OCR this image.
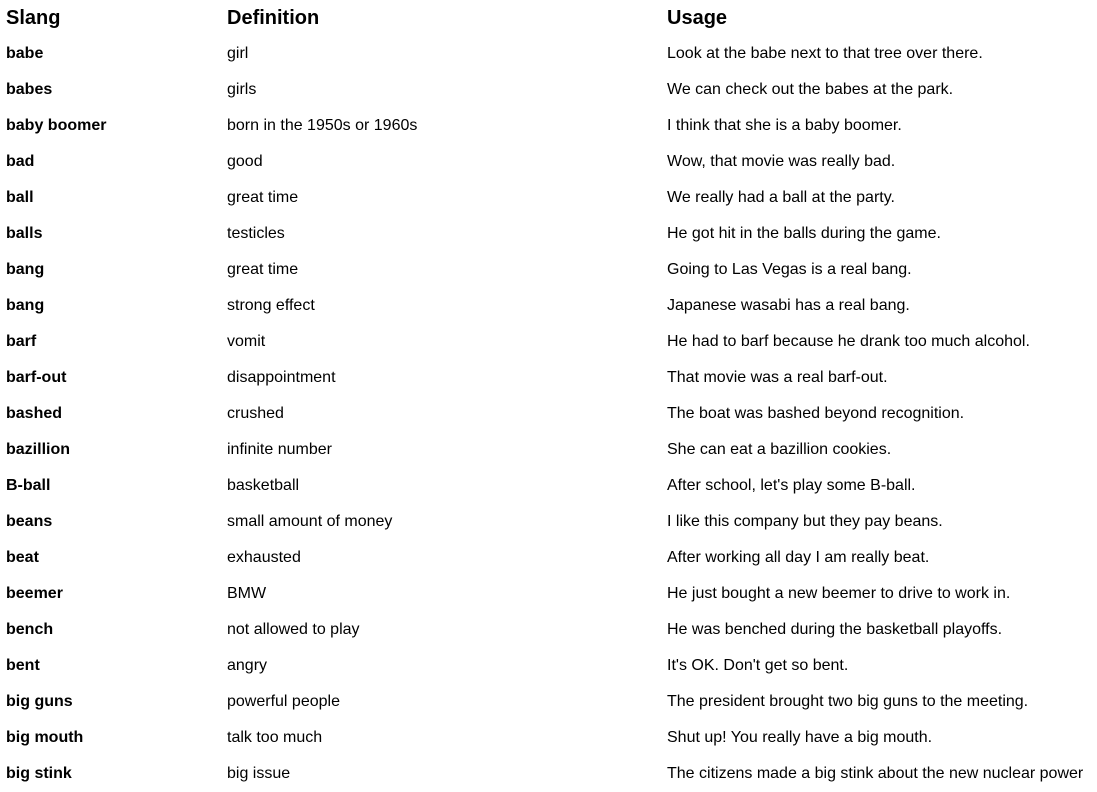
Slang	Definition	Usage
babe	girl	Look at the babe next to that tree over there.
babes	girls	We can check out the babes at the park.
baby boomer	born in the 1950s or 1960s	I think that she is a baby boomer.
bad	good	Wow, that movie was really bad.
ball	great time	We really had a ball at the party.
balls	testicles	He got hit in the balls during the game.
bang	great time	Going to Las Vegas is a real bang.
bang	strong effect	Japanese wasabi has a real bang.
barf	vomit	He had to barf because he drank too much alcohol.
barf-out	disappointment	That movie was a real barf-out.
bashed	crushed	The boat was bashed beyond recognition.
bazillion	infinite number	She can eat a bazillion cookies.
B-ball	basketball	After school, let's play some B-ball.
beans	small amount of money	I like this company but they pay beans.
beat	exhausted	After working all day I am really beat.
beemer	BMW	He just bought a new beemer to drive to work in.
bench	not allowed to play	He was benched during the basketball playoffs.
bent	angry	It's OK. Don't get so bent.
big guns	powerful people	The president brought two big guns to the meeting.
big mouth	talk too much	Shut up! You really have a big mouth.
big stink	big issue	The citizens made a big stink about the new nuclear power
